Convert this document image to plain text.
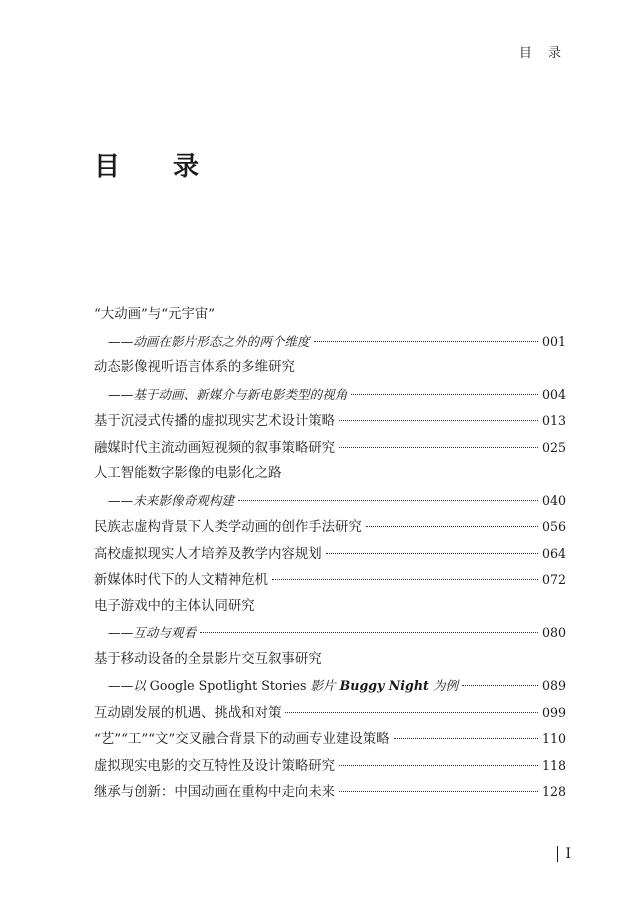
目 录
目 录
“大动画”与“元宇宙”
——动画在影片形态之外的两个维度	001
动态影像视听语言体系的多维研究
——基于动画、新媒介与新电影类型的视角	004
基于沉浸式传播的虚拟现实艺术设计策略	013
融媒时代主流动画短视频的叙事策略研究	025
人工智能数字影像的电影化之路
——未来影像奇观构建	040
民族志虚构背景下人类学动画的创作手法研究	056
高校虚拟现实人才培养及教学内容规划	064
新媒体时代下的人文精神危机	072
电子游戏中的主体认同研究
——互动与观看	080
基于移动设备的全景影片交互叙事研究
——以 Google Spotlight Stories 影片 Buggy Night 为例	089
互动剧发展的机遇、挑战和对策	099
“艺”“工”“文”交叉融合背景下的动画专业建设策略	110
虚拟现实电影的交互特性及设计策略研究	118
继承与创新：中国动画在重构中走向未来	128
I
